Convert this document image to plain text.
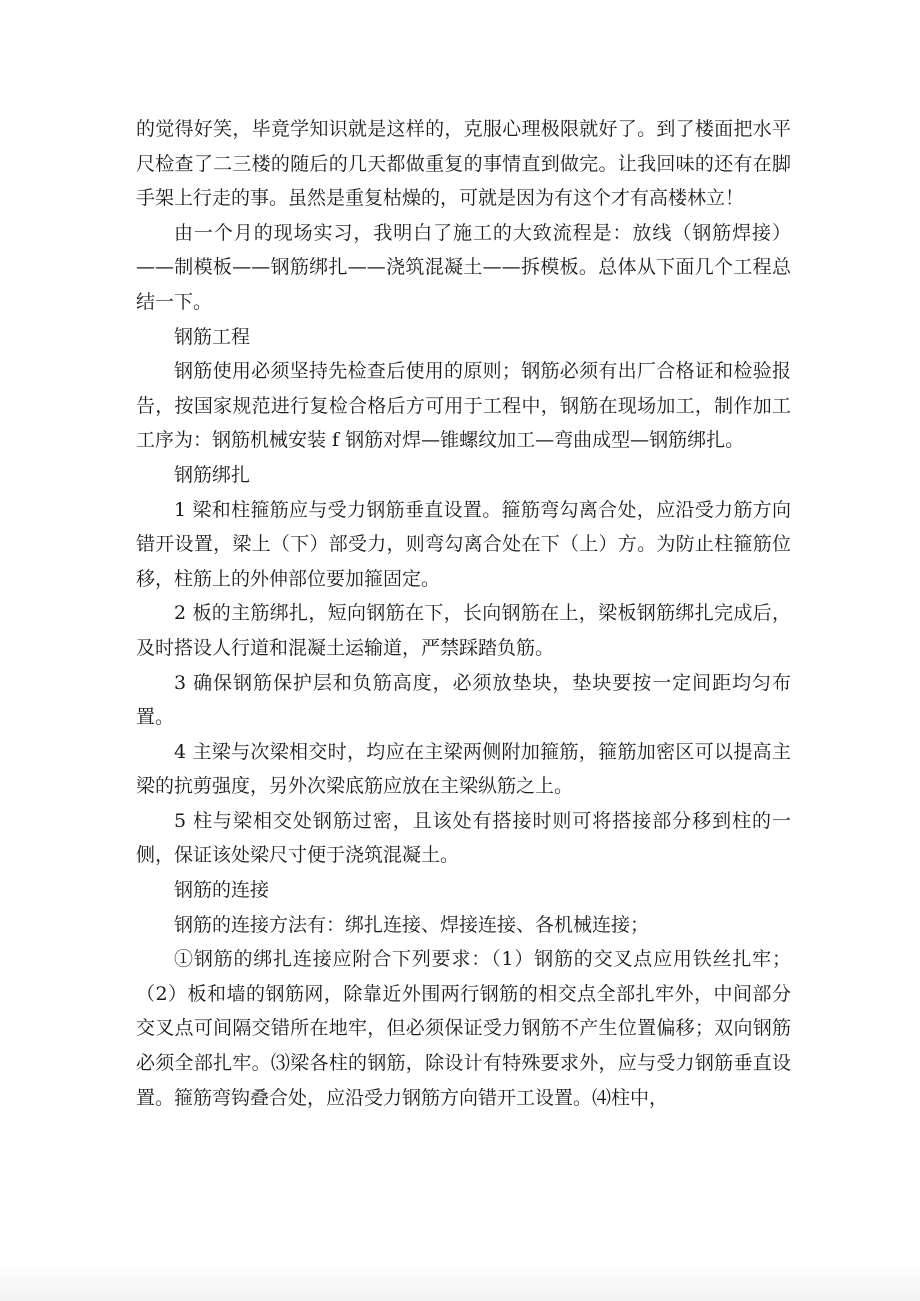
的觉得好笑，毕竟学知识就是这样的，克服心理极限就好了。到了楼面把水平尺检查了二三楼的随后的几天都做重复的事情直到做完。让我回味的还有在脚手架上行走的事。虽然是重复枯燥的，可就是因为有这个才有高楼林立！

由一个月的现场实习，我明白了施工的大致流程是：放线（钢筋焊接）——制模板——钢筋绑扎——浇筑混凝土——拆模板。总体从下面几个工程总结一下。

钢筋工程

钢筋使用必须坚持先检查后使用的原则；钢筋必须有出厂合格证和检验报告，按国家规范进行复检合格后方可用于工程中，钢筋在现场加工，制作加工工序为：钢筋机械安装 f 钢筋对焊—锥螺纹加工—弯曲成型—钢筋绑扎。

钢筋绑扎

1 梁和柱箍筋应与受力钢筋垂直设置。箍筋弯勾离合处，应沿受力筋方向错开设置，梁上（下）部受力，则弯勾离合处在下（上）方。为防止柱箍筋位移，柱筋上的外伸部位要加箍固定。

2 板的主筋绑扎，短向钢筋在下，长向钢筋在上，梁板钢筋绑扎完成后，及时搭设人行道和混凝土运输道，严禁踩踏负筋。

3 确保钢筋保护层和负筋高度，必须放垫块，垫块要按一定间距均匀布置。

4 主梁与次梁相交时，均应在主梁两侧附加箍筋，箍筋加密区可以提高主梁的抗剪强度，另外次梁底筋应放在主梁纵筋之上。

5 柱与梁相交处钢筋过密，且该处有搭接时则可将搭接部分移到柱的一侧，保证该处梁尺寸便于浇筑混凝土。

钢筋的连接

钢筋的连接方法有：绑扎连接、焊接连接、各机械连接；

①钢筋的绑扎连接应附合下列要求：（1）钢筋的交叉点应用铁丝扎牢；（2）板和墙的钢筋网，除靠近外围两行钢筋的相交点全部扎牢外，中间部分交叉点可间隔交错所在地牢，但必须保证受力钢筋不产生位置偏移；双向钢筋必须全部扎牢。⑶梁各柱的钢筋，除设计有特殊要求外，应与受力钢筋垂直设置。箍筋弯钩叠合处，应沿受力钢筋方向错开工设置。⑷柱中，
